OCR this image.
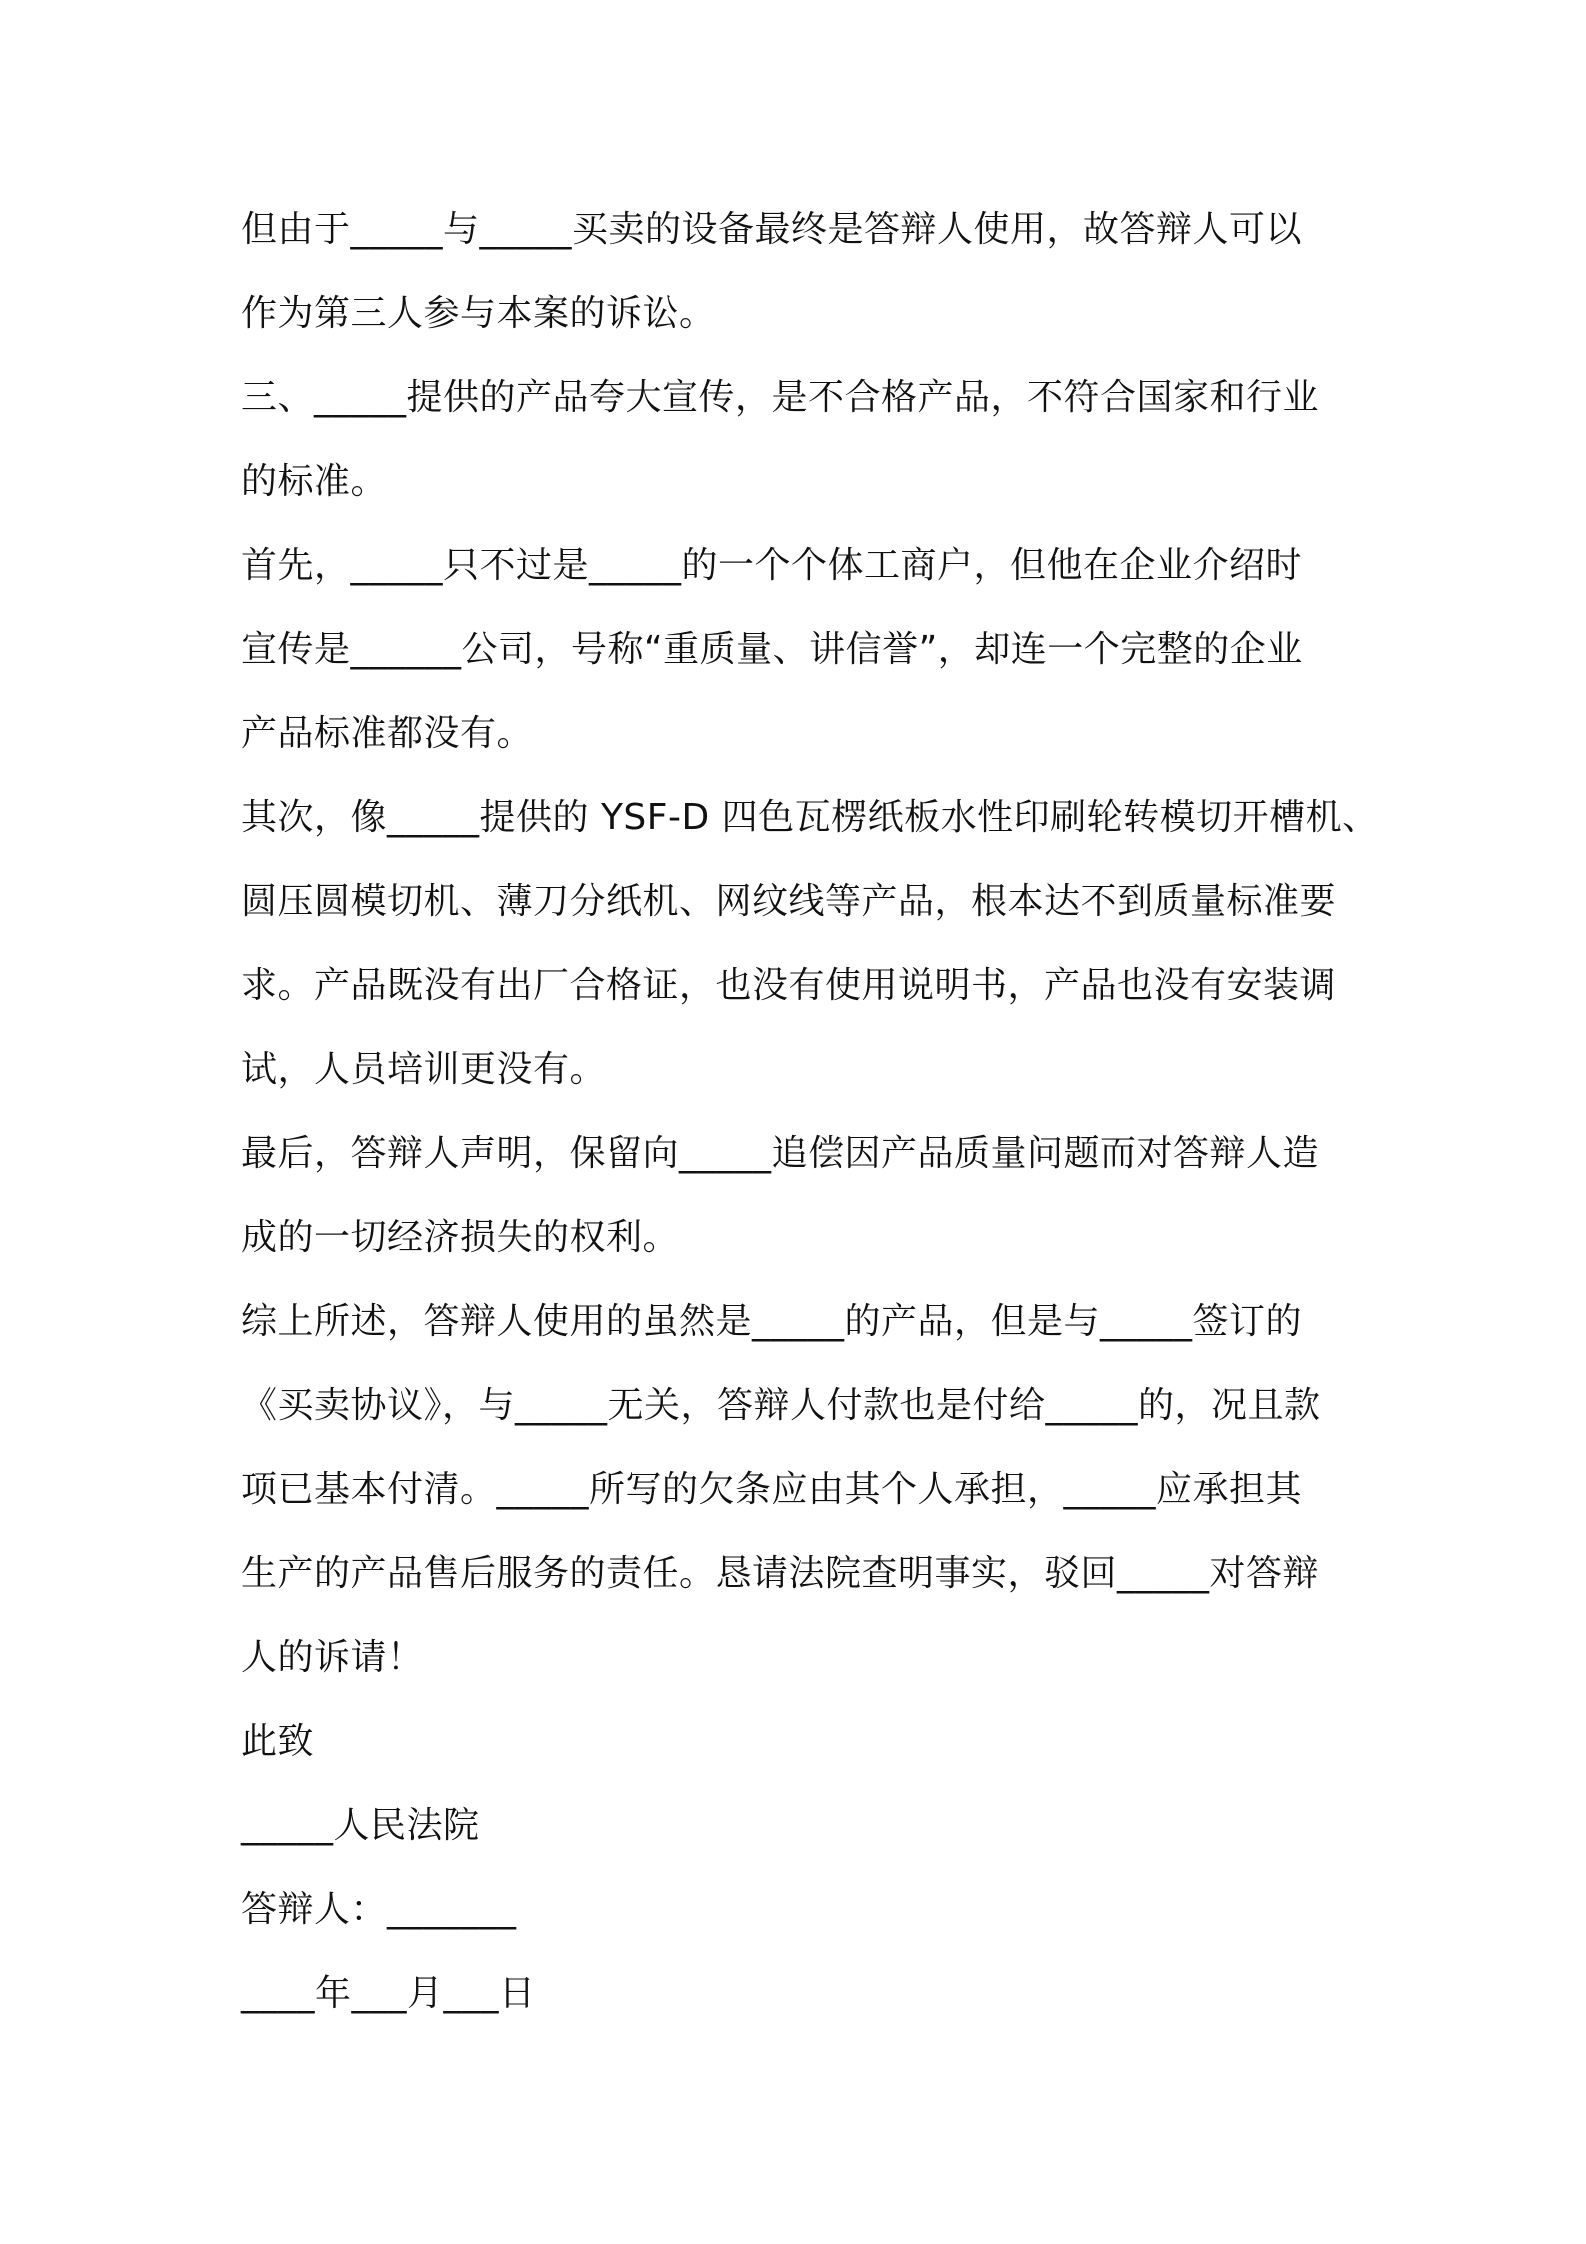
但由于_____与_____买卖的设备最终是答辩人使用，故答辩人可以
作为第三人参与本案的诉讼。
三、_____提供的产品夸大宣传，是不合格产品，不符合国家和行业
的标准。
首先，_____只不过是_____的一个个体工商户，但他在企业介绍时
宣传是______公司，号称“重质量、讲信誉”，却连一个完整的企业
产品标准都没有。
其次，像_____提供的 YSF-D 四色瓦楞纸板水性印刷轮转模切开槽机、
圆压圆模切机、薄刀分纸机、网纹线等产品，根本达不到质量标准要
求。产品既没有出厂合格证，也没有使用说明书，产品也没有安装调
试，人员培训更没有。
最后，答辩人声明，保留向_____追偿因产品质量问题而对答辩人造
成的一切经济损失的权利。
综上所述，答辩人使用的虽然是_____的产品，但是与_____签订的
《买卖协议》，与_____无关，答辩人付款也是付给_____的，况且款
项已基本付清。_____所写的欠条应由其个人承担，_____应承担其
生产的产品售后服务的责任。恳请法院查明事实，驳回_____对答辩
人的诉请！
此致
_____人民法院
答辩人：_______
____年___月___日
